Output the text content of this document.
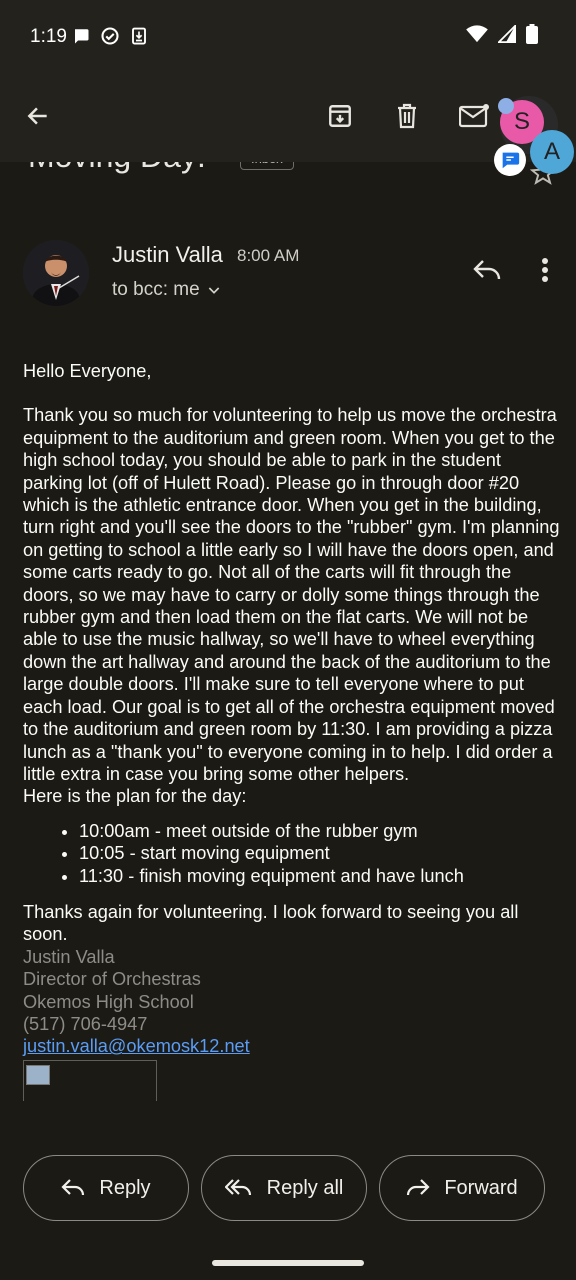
1:19
S
A
Justin Valla 8:00 AM
to bcc: me

Hello Everyone,

Thank you so much for volunteering to help us move the orchestra equipment to the auditorium and green room. When you get to the high school today, you should be able to park in the student parking lot (off of Hulett Road). Please go in through door #20 which is the athletic entrance door. When you get in the building, turn right and you'll see the doors to the "rubber" gym. I'm planning on getting to school a little early so I will have the doors open, and some carts ready to go. Not all of the carts will fit through the doors, so we may have to carry or dolly some things through the rubber gym and then load them on the flat carts. We will not be able to use the music hallway, so we'll have to wheel everything down the art hallway and around the back of the auditorium to the large double doors. I'll make sure to tell everyone where to put each load. Our goal is to get all of the orchestra equipment moved to the auditorium and green room by 11:30. I am providing a pizza lunch as a "thank you" to everyone coming in to help. I did order a little extra in case you bring some other helpers.

Here is the plan for the day:

• 10:00am - meet outside of the rubber gym
• 10:05 - start moving equipment
• 11:30 - finish moving equipment and have lunch

Thanks again for volunteering. I look forward to seeing you all soon.

Justin Valla
Director of Orchestras
Okemos High School
(517) 706-4947
justin.valla@okemosk12.net
Reply	Reply all	Forward
